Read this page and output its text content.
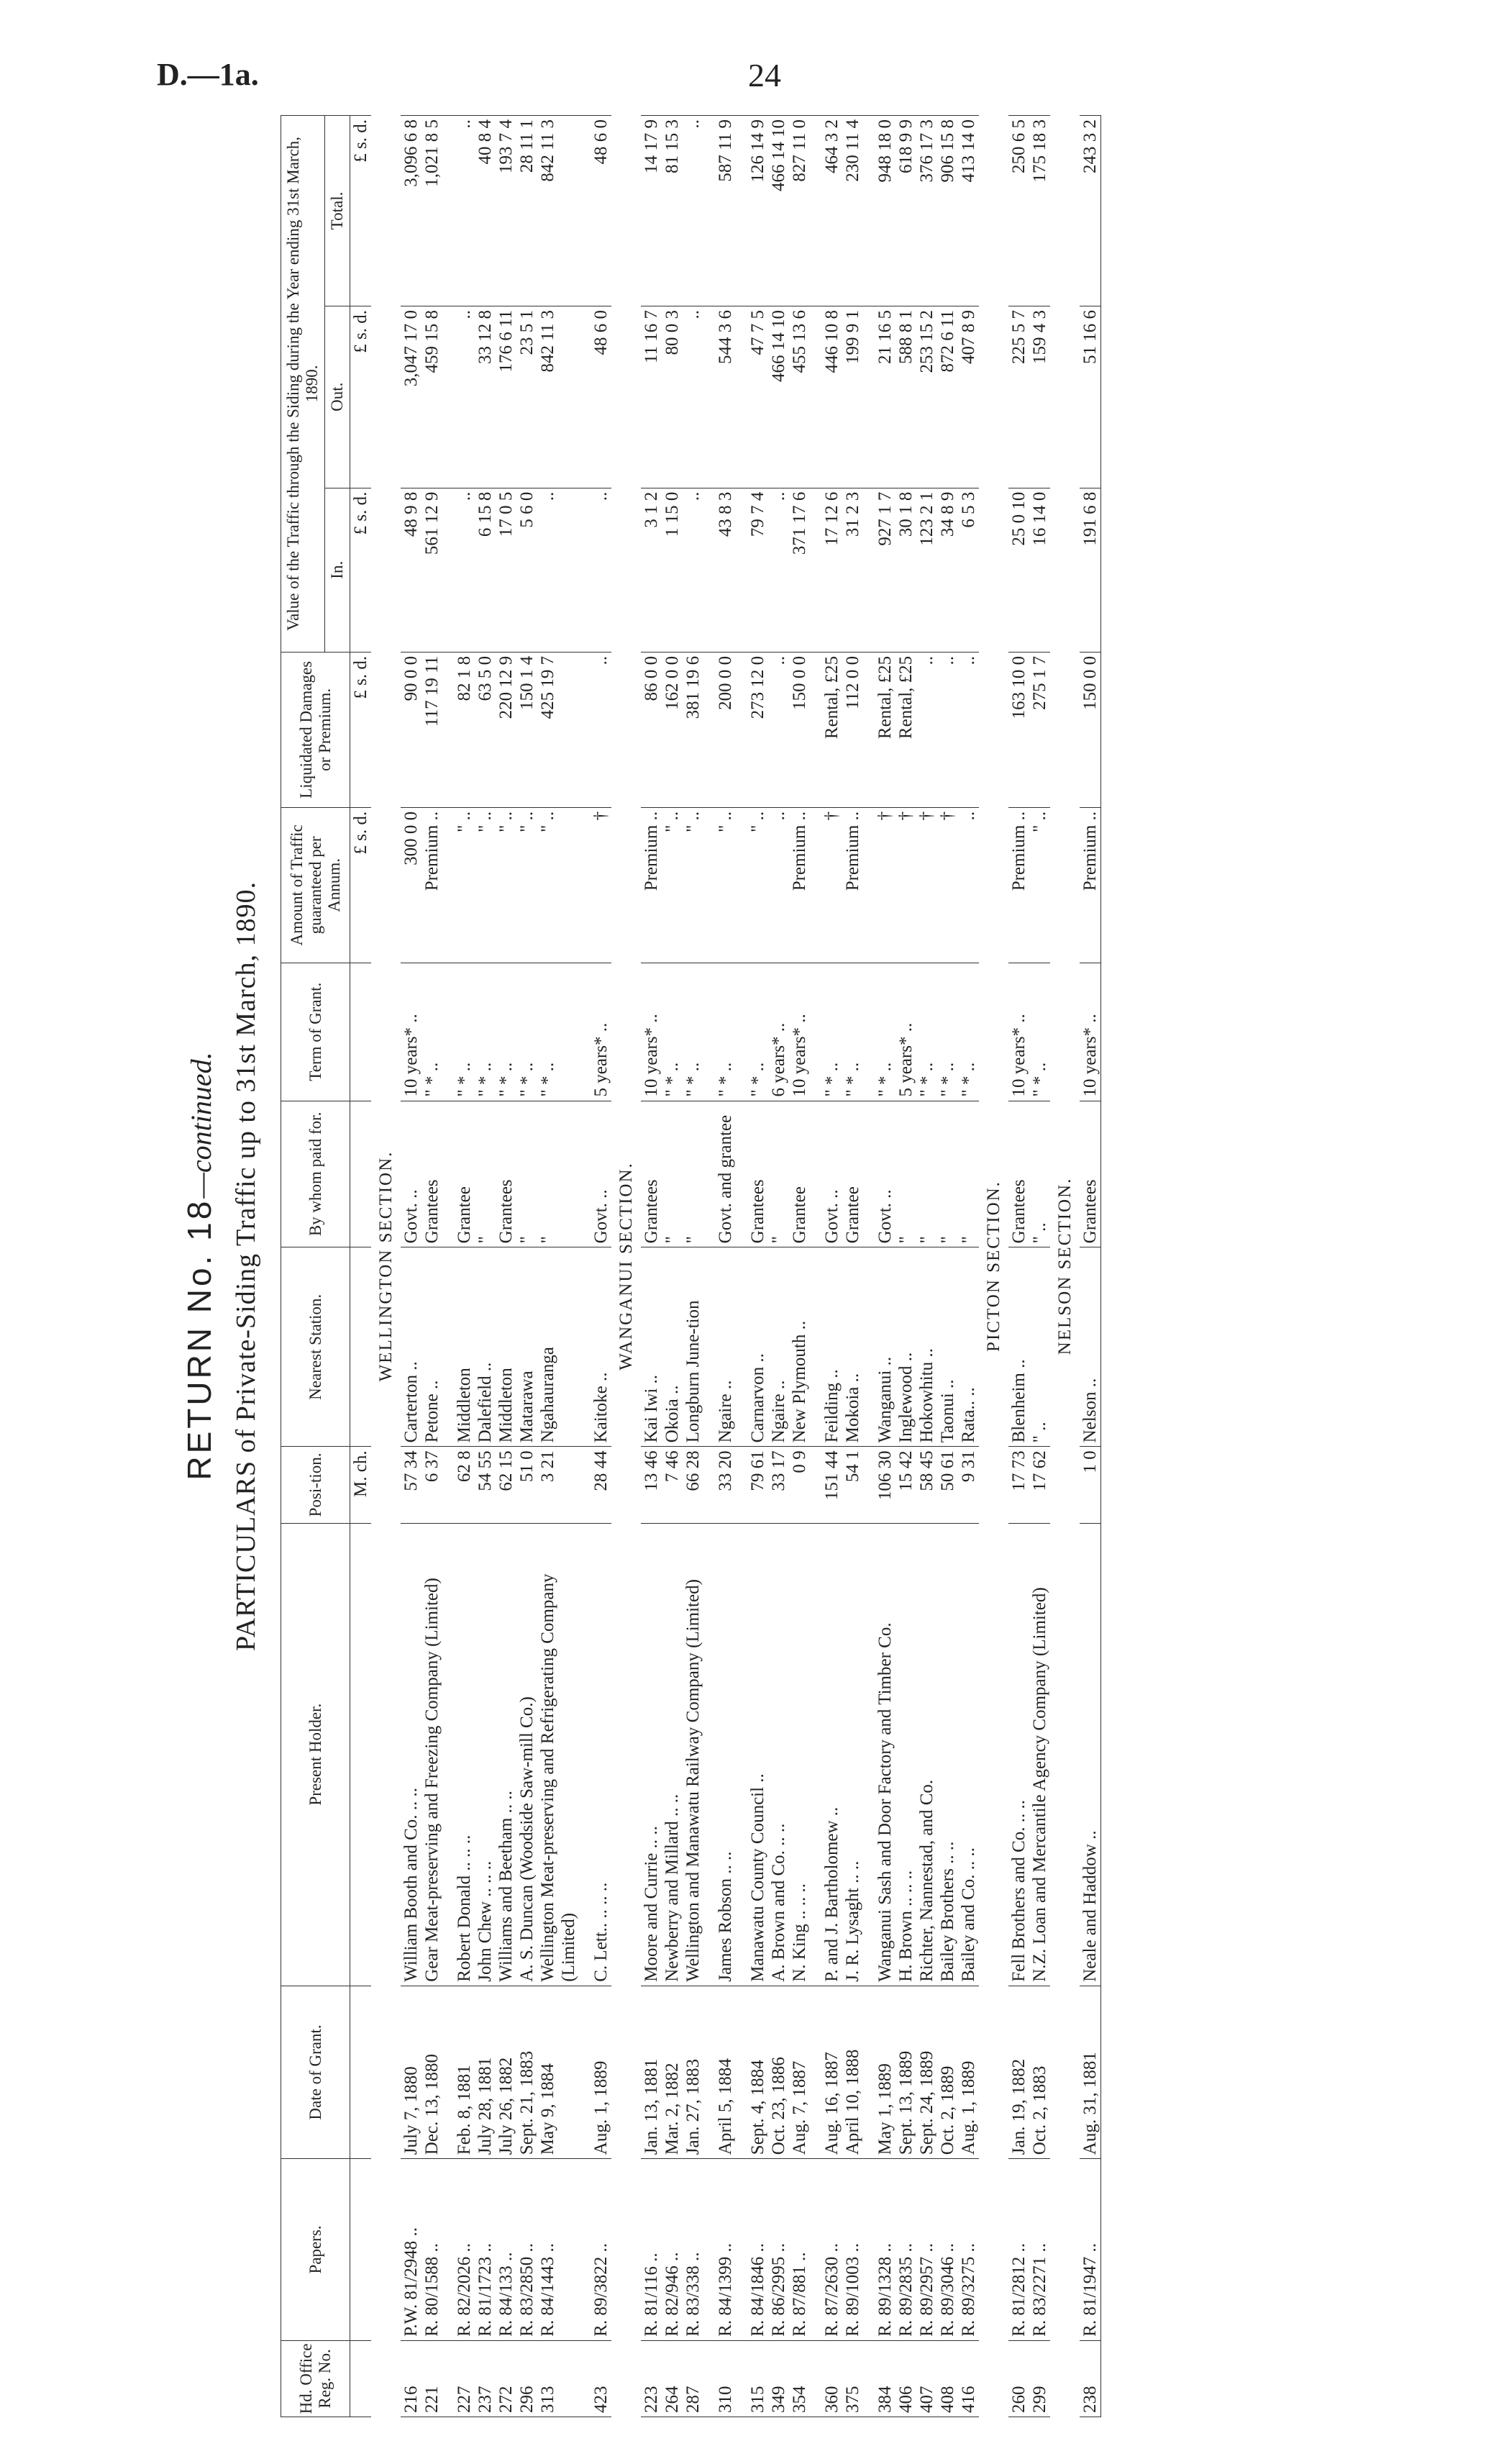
D.—1a.	24
RETURN No. 18—continued. PARTICULARS of Private-Siding Traffic up to 31st March, 1890.
Hd. Office Reg. No.	Papers.	Date of Grant.	Present Holder.	Posi-tion.	Nearest Station.	By whom paid for.	Term of Grant.	Amount of Traffic guaranteed per Annum.	Liquidated Damages or Premium.	Value of the Traffic through the Siding during the Year ending 31st March, 1890.		
										In.	Out.	Total.
				M. ch.				£ s. d.	£ s. d.	£ s. d.	£ s. d.	£ s. d.
WELLINGTON SECTION.												
216	P.W. 81/2948 ..	July 7, 1880	William Booth and Co. .. ..	57 34	Carterton ..	Govt. ..	10 years* ..	300 0 0	90 0 0	48 9 8	3,047 17 0	3,096 6 8
221	R. 80/1588 ..	Dec. 13, 1880	Gear Meat-preserving and Freezing Company (Limited)	6 37	Petone ..	Grantees	" * ..	Premium ..	117 19 11	561 12 9	459 15 8	1,021 8 5

227	R. 82/2026 ..	Feb. 8, 1881	Robert Donald .. .. ..	62 8	Middleton	Grantee	" * ..	" ..	82 1 8	..	..	..
237	R. 81/1723 ..	July 28, 1881	John Chew .. .. ..	54 55	Dalefield ..	"	" * ..	" ..	63 5 0	6 15 8	33 12 8	40 8 4
272	R. 84/133 ..	July 26, 1882	Williams and Beetham .. ..	62 15	Middleton	Grantees	" * ..	" ..	220 12 9	17 0 5	176 6 11	193 7 4
296	R. 83/2850 ..	Sept. 21, 1883	A. S. Duncan (Woodside Saw-mill Co.)	51 0	Matarawa	"	" * ..	" ..	150 1 4	5 6 0	23 5 1	28 11 1
313	R. 84/1443 ..	May 9, 1884	Wellington Meat-preserving and Refrigerating Company (Limited)	3 21	Ngahauranga	"	" * ..	" ..	425 19 7	..	842 11 3	842 11 3

423	R. 89/3822 ..	Aug. 1, 1889	C. Lett.. .. .. ..	28 44	Kaitoke ..	Govt. ..	5 years* ..	†	..	..	48 6 0	48 6 0
WANGANUI SECTION.												
223	R. 81/116 ..	Jan. 13, 1881	Moore and Currie .. ..	13 46	Kai Iwi ..	Grantees	10 years* ..	Premium ..	86 0 0	3 1 2	11 16 7	14 17 9
264	R. 82/946 ..	Mar. 2, 1882	Newberry and Millard .. ..	7 46	Okoia ..	"	" * ..	" ..	162 0 0	1 15 0	80 0 3	81 15 3
287	R. 83/338 ..	Jan. 27, 1883	Wellington and Manawatu Railway Company (Limited)	66 28	Longburn June-tion	"	" * ..	" ..	381 19 6	..	..	..

310	R. 84/1399 ..	April 5, 1884	James Robson .. ..	33 20	Ngaire ..	Govt. and grantee	" * ..	" ..	200 0 0	43 8 3	544 3 6	587 11 9

315	R. 84/1846 ..	Sept. 4, 1884	Manawatu County Council ..	79 61	Carnarvon ..	Grantees	" * ..	" ..	273 12 0	79 7 4	47 7 5	126 14 9
349	R. 86/2995 ..	Oct. 23, 1886	A. Brown and Co. .. ..	33 17	Ngaire ..	"	6 years* ..	..	..	..	466 14 10	466 14 10
354	R. 87/881 ..	Aug. 7, 1887	N. King .. .. ..	0 9	New Plymouth ..	Grantee	10 years* ..	Premium ..	150 0 0	371 17 6	455 13 6	827 11 0

360	R. 87/2630 ..	Aug. 16, 1887	P. and J. Bartholomew ..	151 44	Feilding ..	Govt. ..	" * ..	†	Rental, £25	17 12 6	446 10 8	464 3 2
375	R. 89/1003 ..	April 10, 1888	J. R. Lysaght .. ..	54 1	Mokoia ..	Grantee	" * ..	Premium ..	112 0 0	31 2 3	199 9 1	230 11 4

384	R. 89/1328 ..	May 1, 1889	Wanganui Sash and Door Factory and Timber Co.	106 30	Wanganui ..	Govt. ..	" * ..	†	Rental, £25	927 1 7	21 16 5	948 18 0
406	R. 89/2835 ..	Sept. 13, 1889	H. Brown .. .. ..	15 42	Inglewood ..	"	5 years* ..	†	Rental, £25	30 1 8	588 8 1	618 9 9
407	R. 89/2957 ..	Sept. 24, 1889	Richter, Nannestad, and Co.	58 45	Hokowhitu ..	"	" * ..	†	..	123 2 1	253 15 2	376 17 3
408	R. 89/3046 ..	Oct. 2, 1889	Bailey Brothers .. ..	50 61	Taonui ..	"	" * ..	†	..	34 8 9	872 6 11	906 15 8
416	R. 89/3275 ..	Aug. 1, 1889	Bailey and Co. .. ..	9 31	Rata.. ..	"	" * ..	..	..	6 5 3	407 8 9	413 14 0
PICTON SECTION.												
260	R. 81/2812 ..	Jan. 19, 1882	Fell Brothers and Co. .. ..	17 73	Blenheim ..	Grantees	10 years* ..	Premium ..	163 10 0	25 0 10	225 5 7	250 6 5
299	R. 83/2271 ..	Oct. 2, 1883	N.Z. Loan and Mercantile Agency Company (Limited)	17 62	" ..	" ..	" * ..	" ..	275 1 7	16 14 0	159 4 3	175 18 3
NELSON SECTION.												
238	R. 81/1947 ..	Aug. 31, 1881	Neale and Haddow ..	1 0	Nelson ..	Grantees	10 years* ..	Premium ..	150 0 0	191 6 8	51 16 6	243 3 2
